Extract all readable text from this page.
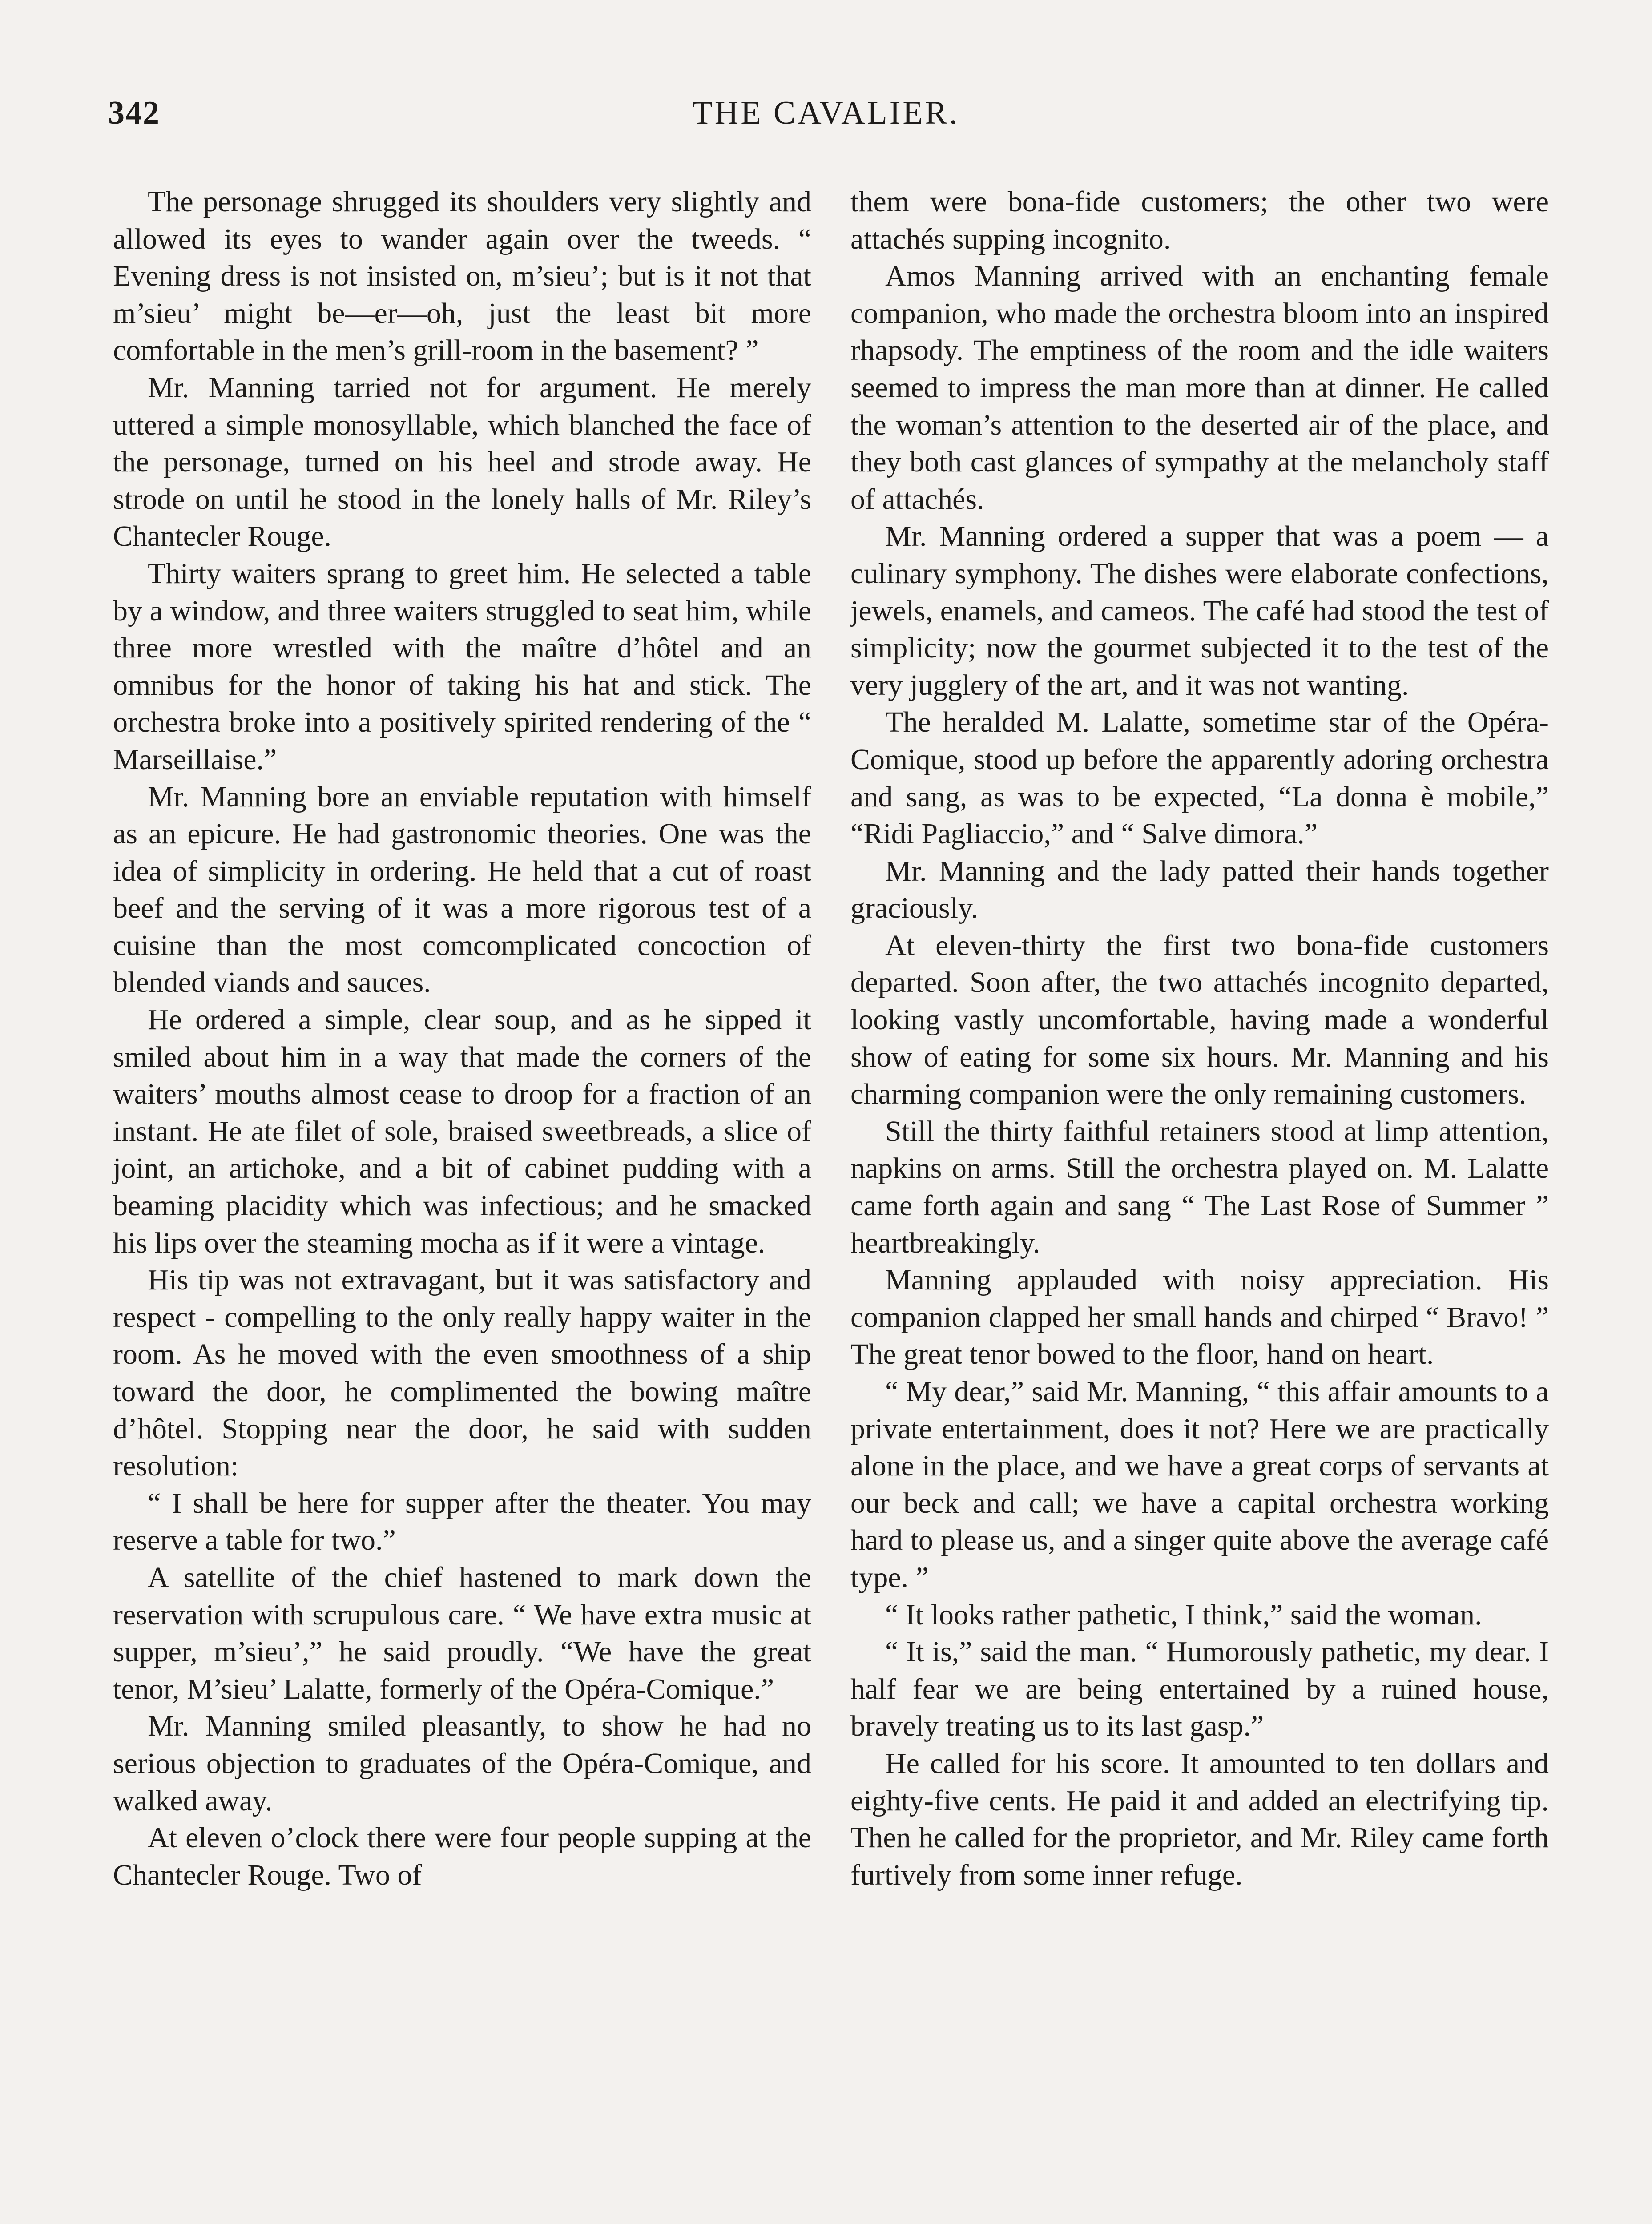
342	THE CAVALIER.

The personage shrugged its shoulders very slightly and allowed its eyes to wander again over the tweeds. “ Evening dress is not insisted on, m’sieu’; but is it not that m’sieu’ might be—er—oh, just the least bit more comfortable in the men’s grill-room in the basement? ”

Mr. Manning tarried not for argument. He merely uttered a simple monosyllable, which blanched the face of the personage, turned on his heel and strode away. He strode on until he stood in the lonely halls of Mr. Riley’s Chantecler Rouge.

Thirty waiters sprang to greet him. He selected a table by a window, and three waiters struggled to seat him, while three more wrestled with the maître d’hôtel and an omnibus for the honor of taking his hat and stick. The orchestra broke into a positively spirited rendering of the “ Marseillaise.”

Mr. Manning bore an enviable reputation with himself as an epicure. He had gastronomic theories. One was the idea of simplicity in ordering. He held that a cut of roast beef and the serving of it was a more rigorous test of a cuisine than the most comcomplicated concoction of blended viands and sauces.

He ordered a simple, clear soup, and as he sipped it smiled about him in a way that made the corners of the waiters’ mouths almost cease to droop for a fraction of an instant. He ate filet of sole, braised sweetbreads, a slice of joint, an artichoke, and a bit of cabinet pudding with a beaming placidity which was infectious; and he smacked his lips over the steaming mocha as if it were a vintage.

His tip was not extravagant, but it was satisfactory and respect - compelling to the only really happy waiter in the room. As he moved with the even smoothness of a ship toward the door, he complimented the bowing maître d’hôtel. Stopping near the door, he said with sudden resolution:

“ I shall be here for supper after the theater. You may reserve a table for two.”

A satellite of the chief hastened to mark down the reservation with scrupulous care. “ We have extra music at supper, m’sieu’,” he said proudly. “We have the great tenor, M’sieu’ Lalatte, formerly of the Opéra-Comique.”

Mr. Manning smiled pleasantly, to show he had no serious objection to graduates of the Opéra-Comique, and walked away.

At eleven o’clock there were four people supping at the Chantecler Rouge. Two of

them were bona-fide customers; the other two were attachés supping incognito.

Amos Manning arrived with an enchanting female companion, who made the orchestra bloom into an inspired rhapsody. The emptiness of the room and the idle waiters seemed to impress the man more than at dinner. He called the woman’s attention to the deserted air of the place, and they both cast glances of sympathy at the melancholy staff of attachés.

Mr. Manning ordered a supper that was a poem — a culinary symphony. The dishes were elaborate confections, jewels, enamels, and cameos. The café had stood the test of simplicity; now the gourmet subjected it to the test of the very jugglery of the art, and it was not wanting.

The heralded M. Lalatte, sometime star of the Opéra-Comique, stood up before the apparently adoring orchestra and sang, as was to be expected, “La donna è mobile,” “Ridi Pagliaccio,” and “ Salve dimora.”

Mr. Manning and the lady patted their hands together graciously.

At eleven-thirty the first two bona-fide customers departed. Soon after, the two attachés incognito departed, looking vastly uncomfortable, having made a wonderful show of eating for some six hours. Mr. Manning and his charming companion were the only remaining customers.

Still the thirty faithful retainers stood at limp attention, napkins on arms. Still the orchestra played on. M. Lalatte came forth again and sang “ The Last Rose of Summer ” heartbreakingly.

Manning applauded with noisy appreciation. His companion clapped her small hands and chirped “ Bravo! ” The great tenor bowed to the floor, hand on heart.

“ My dear,” said Mr. Manning, “ this affair amounts to a private entertainment, does it not? Here we are practically alone in the place, and we have a great corps of servants at our beck and call; we have a capital orchestra working hard to please us, and a singer quite above the average café type. ”

“ It looks rather pathetic, I think,” said the woman.

“ It is,” said the man. “ Humorously pathetic, my dear. I half fear we are being entertained by a ruined house, bravely treating us to its last gasp.”

He called for his score. It amounted to ten dollars and eighty-five cents. He paid it and added an electrifying tip. Then he called for the proprietor, and Mr. Riley came forth furtively from some inner refuge.
